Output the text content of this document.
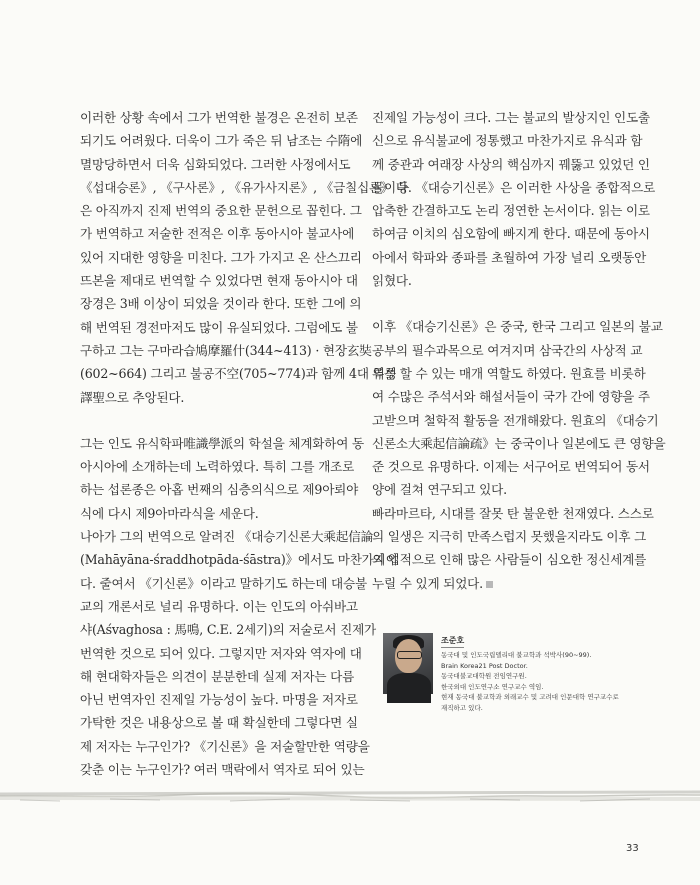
이러한 상황 속에서 그가 번역한 불경은 온전히 보존
되기도 어려웠다. 더욱이 그가 죽은 뒤 남조는 수隋에
멸망당하면서 더욱 심화되었다. 그러한 사정에서도
《섭대승론》, 《구사론》, 《유가사지론》, 《금칠십론》 등
은 아직까지 진제 번역의 중요한 문헌으로 꼽힌다. 그
가 번역하고 저술한 전적은 이후 동아시아 불교사에
있어 지대한 영향을 미친다. 그가 가지고 온 산스끄리
뜨본을 제대로 번역할 수 있었다면 현재 동아시아 대
장경은 3배 이상이 되었을 것이라 한다. 또한 그에 의
해 번역된 경전마저도 많이 유실되었다. 그럼에도 불
구하고 그는 구마라습鳩摩羅什(344~413) · 현장玄奘
(602~664) 그리고 불공不空(705~774)과 함께 4대 역성
譯聖으로 추앙된다.
그는 인도 유식학파唯識學派의 학설을 체계화하여 동
아시아에 소개하는데 노력하였다. 특히 그를 개조로
하는 섭론종은 아홉 번째의 심층의식으로 제9아뢰야
식에 다시 제9아마라식을 세운다.
나아가 그의 번역으로 알려진 《대승기신론大乘起信論
(Mahāyāna-śraddhotpāda-śāstra)》에서도 마찬가지이
다. 줄여서 《기신론》이라고 말하기도 하는데 대승불
교의 개론서로 널리 유명하다. 이는 인도의 아쉬바고
샤(Aśvaghosa : 馬鳴, C.E. 2세기)의 저술로서 진제가
번역한 것으로 되어 있다. 그렇지만 저자와 역자에 대
해 현대학자들은 의견이 분분한데 실제 저자는 다름
아닌 번역자인 진제일 가능성이 높다. 마명을 저자로
가탁한 것은 내용상으로 볼 때 확실한데 그렇다면 실
제 저자는 누구인가? 《기신론》을 저술할만한 역량을
갖춘 이는 누구인가? 여러 맥락에서 역자로 되어 있는
진제일 가능성이 크다. 그는 불교의 발상지인 인도출
신으로 유식불교에 정통했고 마찬가지로 유식과 함
께 중관과 여래장 사상의 핵심까지 꿰뚫고 있었던 인
물이다. 《대승기신론》은 이러한 사상을 종합적으로
압축한 간결하고도 논리 정연한 논서이다. 읽는 이로
하여금 이치의 심오함에 빠지게 한다. 때문에 동아시
아에서 학파와 종파를 초월하여 가장 널리 오랫동안
읽혔다.
이후 《대승기신론》은 중국, 한국 그리고 일본의 불교
공부의 필수과목으로 여겨지며 삼국간의 사상적 교
류를 할 수 있는 매개 역할도 하였다. 원효를 비롯하
여 수많은 주석서와 해설서들이 국가 간에 영향을 주
고받으며 철학적 활동을 전개해왔다. 원효의 《대승기
신론소大乘起信論疏》는 중국이나 일본에도 큰 영향을
준 것으로 유명하다. 이제는 서구어로 번역되어 동서
양에 걸쳐 연구되고 있다.
빠라마르타, 시대를 잘못 탄 불운한 천재였다. 스스로
의 일생은 지극히 만족스럽지 못했을지라도 이후 그
의 업적으로 인해 많은 사람들이 심오한 정신세계를
누릴 수 있게 되었다.
조준호
동국대 및 인도국립델리대 불교학과 석박사(90~99).
Brain Korea21 Post Doctor.
동국대불교대학원 전임연구원.
한국외대 인도연구소 연구교수 역임.
현재 동국대 불교학과 외래교수 및 고려대 인문대학 연구교수로
재직하고 있다.
33
